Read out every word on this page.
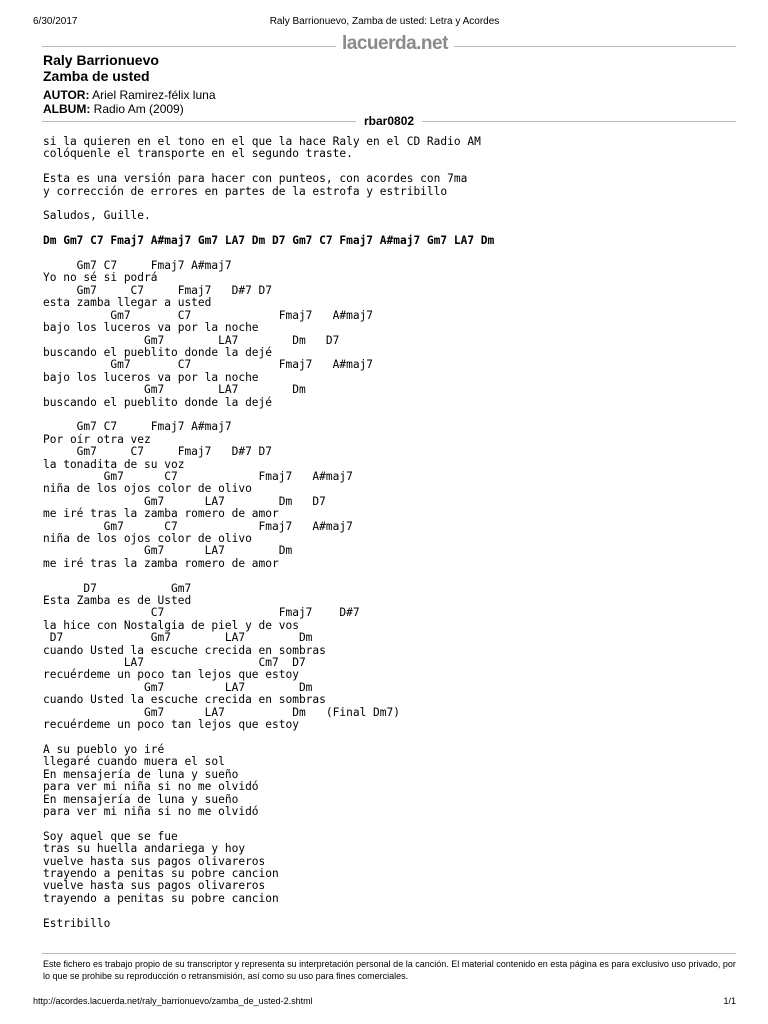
6/30/2017	Raly Barrionuevo, Zamba de usted: Letra y Acordes
lacuerda.net
Raly Barrionuevo
Zamba de usted
AUTOR: Ariel Ramirez-félix luna
ALBUM: Radio Am (2009)
rbar0802
si la quieren en el tono en el que la hace Raly en el CD Radio AM
colóquenle el transporte en el segundo traste.

Esta es una versión para hacer con punteos, con acordes con 7ma
y corrección de errores en partes de la estrofa y estribillo

Saludos, Guille.

Dm Gm7 C7 Fmaj7 A#maj7 Gm7 LA7 Dm D7 Gm7 C7 Fmaj7 A#maj7 Gm7 LA7 Dm

Gm7 C7     Fmaj7 A#maj7
Yo no sé si podrá
Gm7     C7     Fmaj7   D#7 D7
esta zamba llegar a usted
Gm7       C7             Fmaj7   A#maj7
bajo los luceros va por la noche
Gm7        LA7        Dm   D7
buscando el pueblito donde la dejé
Gm7       C7             Fmaj7   A#maj7
bajo los luceros va por la noche
Gm7        LA7        Dm
buscando el pueblito donde la dejé

Gm7 C7     Fmaj7 A#maj7
Por oír otra vez
Gm7     C7     Fmaj7   D#7 D7
la tonadita de su voz
Gm7      C7            Fmaj7   A#maj7
niña de los ojos color de olivo
Gm7      LA7        Dm   D7
me iré tras la zamba romero de amor
Gm7      C7            Fmaj7   A#maj7
niña de los ojos color de olivo
Gm7      LA7        Dm
me iré tras la zamba romero de amor

D7           Gm7
Esta Zamba es de Usted
C7                 Fmaj7    D#7
la hice con Nostalgia de piel y de vos
D7             Gm7        LA7        Dm
cuando Usted la escuche crecida en sombras
LA7                 Cm7  D7
recuérdeme un poco tan lejos que estoy
Gm7         LA7        Dm
cuando Usted la escuche crecida en sombras
Gm7      LA7          Dm   (Final Dm7)
recuérdeme un poco tan lejos que estoy

A su pueblo yo iré
llegaré cuando muera el sol
En mensajería de luna y sueño
para ver mi niña si no me olvidó
En mensajería de luna y sueño
para ver mi niña si no me olvidó

Soy aquel que se fue
tras su huella andariega y hoy
vuelve hasta sus pagos olivareros
trayendo a penitas su pobre cancion
vuelve hasta sus pagos olivareros
trayendo a penitas su pobre cancion

Estribillo
Este fichero es trabajo propio de su transcriptor y representa su interpretación personal de la canción. El material contenido en esta página es para exclusivo uso privado, por lo que se prohibe su reproducción o retransmisión, así como su uso para fines comerciales.
http://acordes.lacuerda.net/raly_barrionuevo/zamba_de_usted-2.shtml	1/1
